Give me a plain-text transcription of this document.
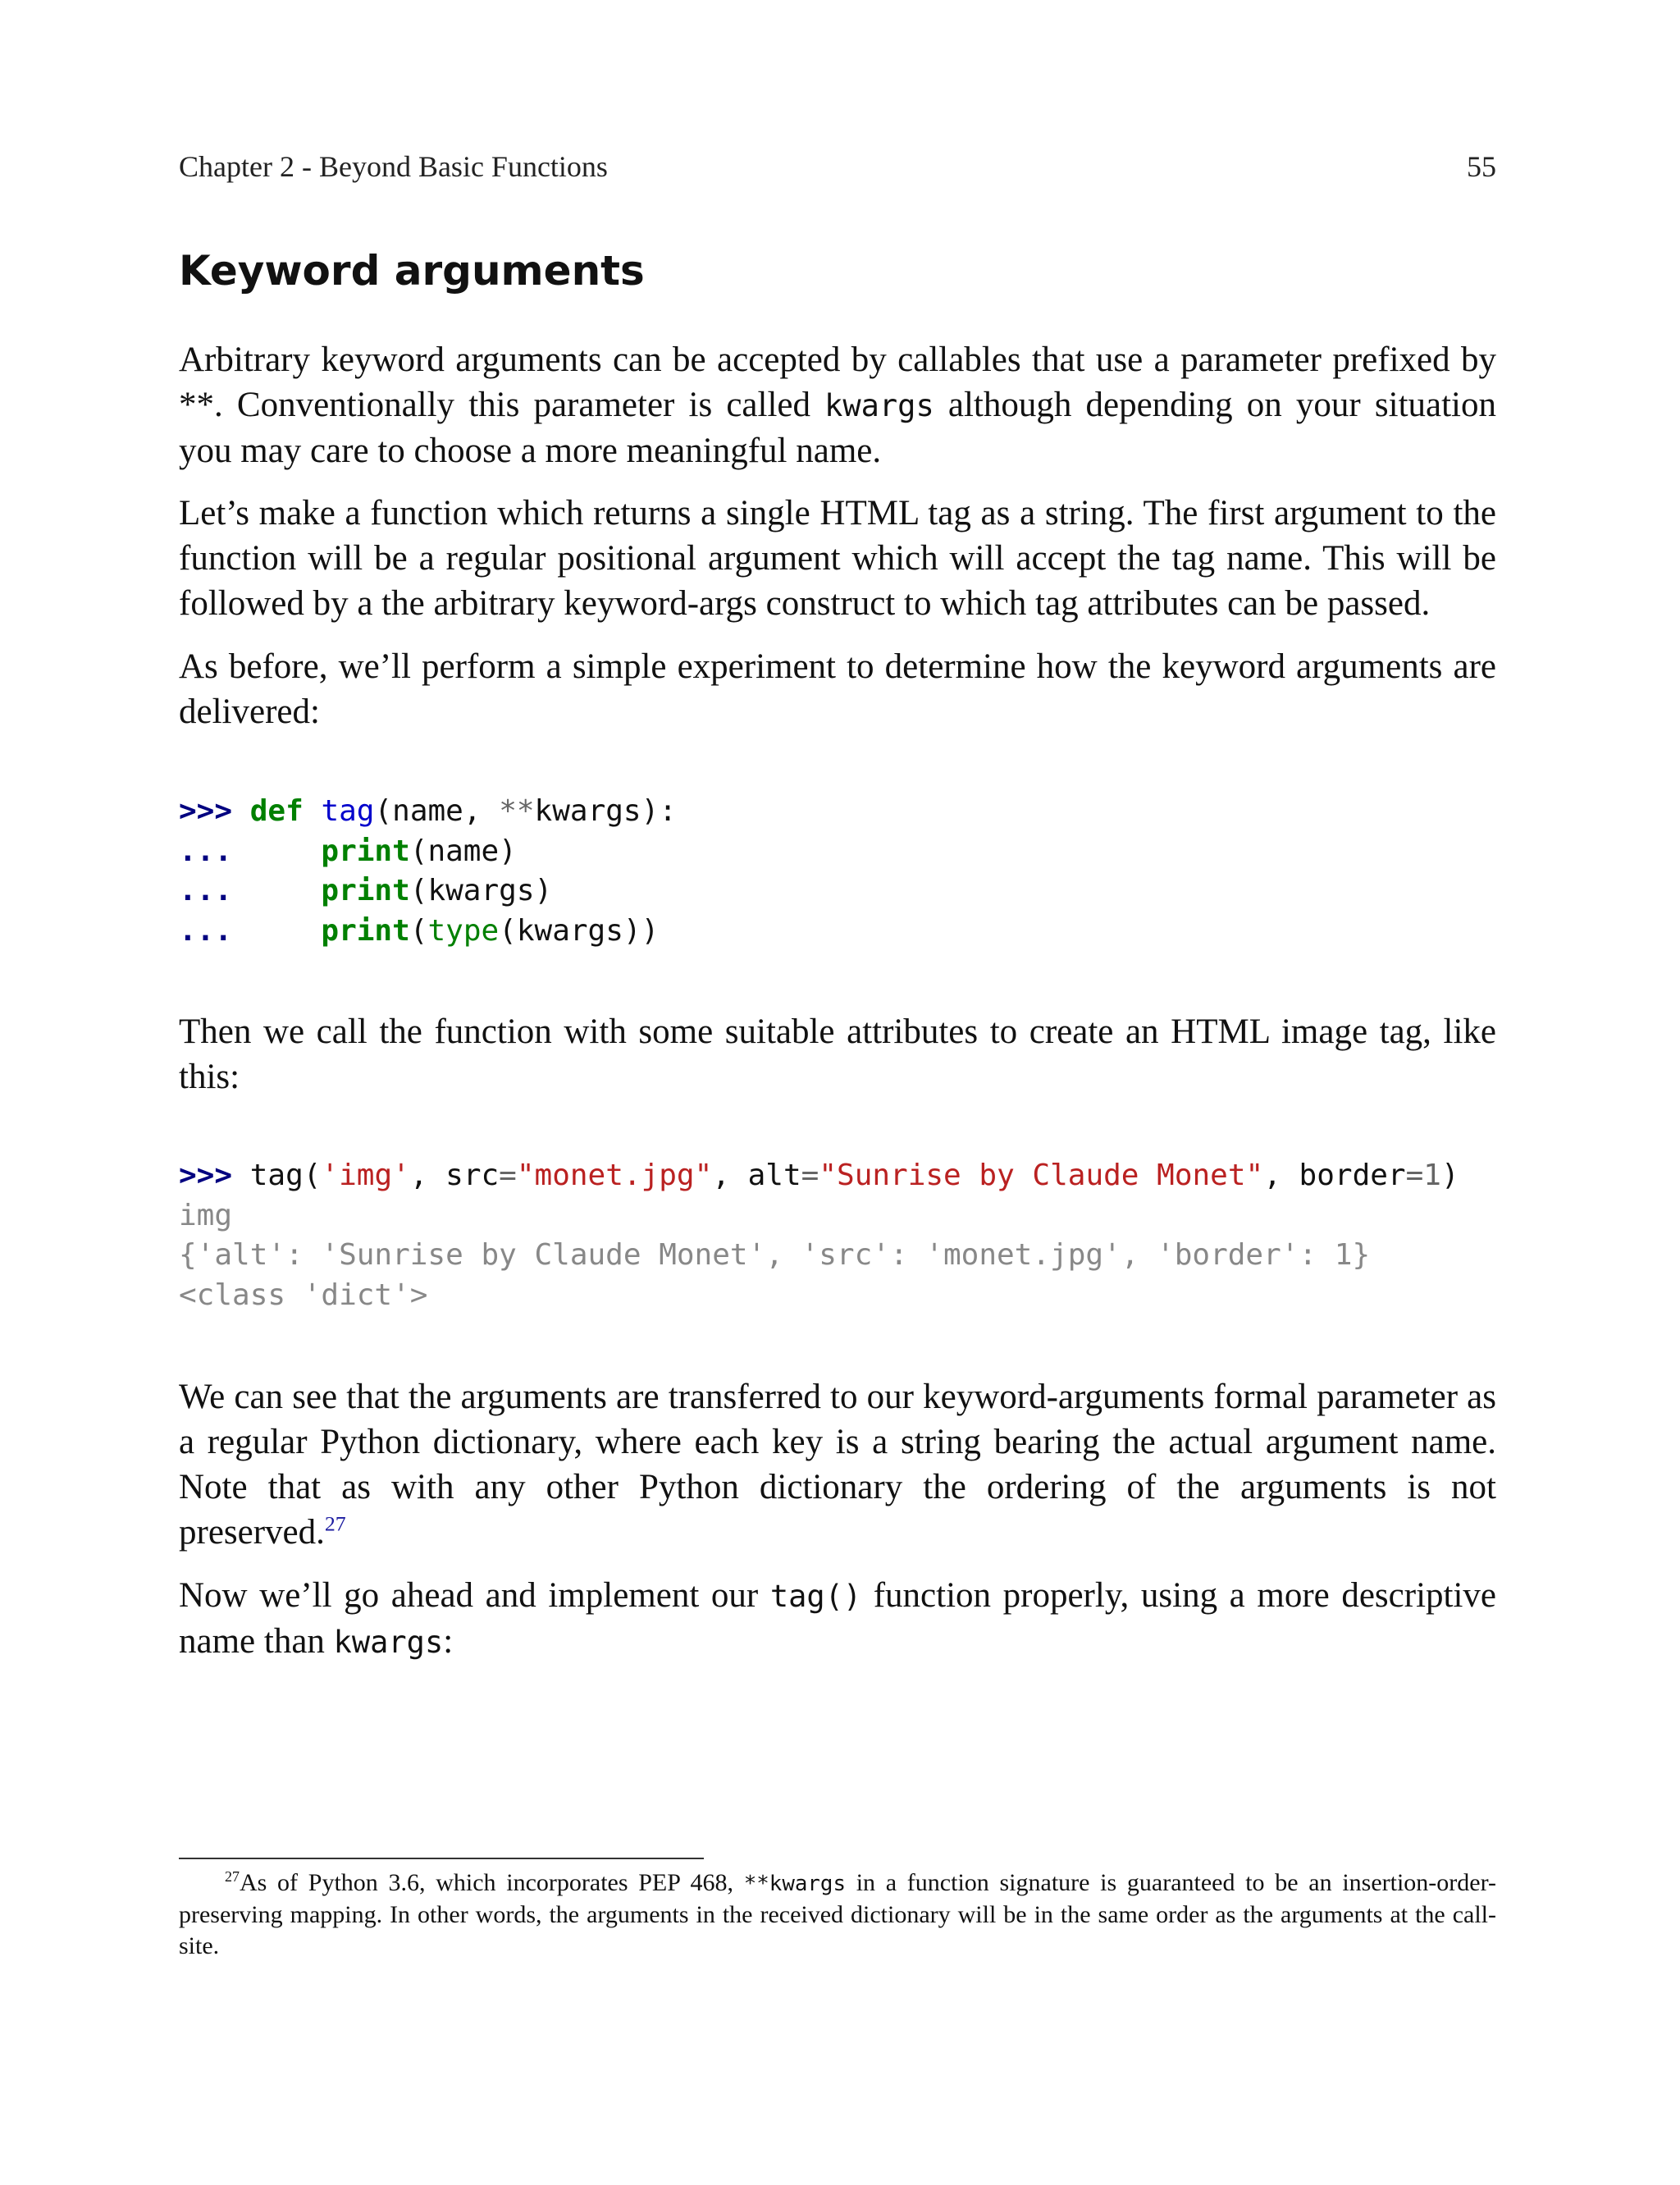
Chapter 2 - Beyond Basic Functions	55
Keyword arguments

Arbitrary keyword arguments can be accepted by callables that use a parameter prefixed by **. Conventionally this parameter is called kwargs although depending on your situation you may care to choose a more meaningful name.

Let’s make a function which returns a single HTML tag as a string. The first argument to the function will be a regular positional argument which will accept the tag name. This will be followed by a the arbitrary keyword-args construct to which tag attributes can be passed.

As before, we’ll perform a simple experiment to determine how the keyword arguments are delivered:

>>> def tag(name, **kwargs):
...	print(name)
...	print(kwargs)
...	print(type(kwargs))

Then we call the function with some suitable attributes to create an HTML image tag, like this:

>>> tag('img', src="monet.jpg", alt="Sunrise by Claude Monet", border=1)
img
{'alt': 'Sunrise by Claude Monet', 'src': 'monet.jpg', 'border': 1}
<class 'dict'>

We can see that the arguments are transferred to our keyword-arguments formal parameter as a regular Python dictionary, where each key is a string bearing the actual argument name. Note that as with any other Python dictionary the ordering of the arguments is not preserved.$^{27}$

Now we’ll go ahead and implement our tag() function properly, using a more descriptive name than kwargs:

$^{27}$As of Python 3.6, which incorporates PEP 468, **kwargs in a function signature is guaranteed to be an insertion-order-preserving mapping. In other words, the arguments in the received dictionary will be in the same order as the arguments at the call-site.
